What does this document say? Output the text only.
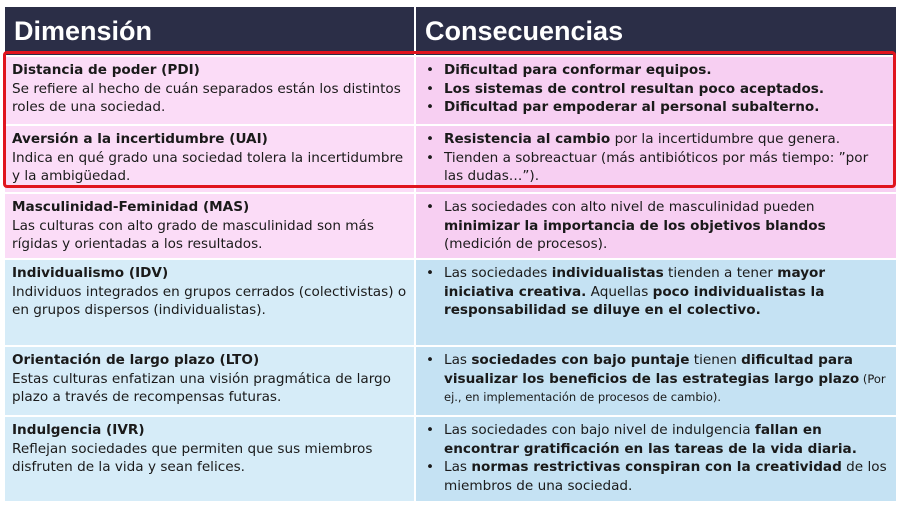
Dimensión	Consecuencias
Distancia de poder (PDI)
Se refiere al hecho de cuán separados están los distintos roles de una sociedad.
• Dificultad para conformar equipos.
• Los sistemas de control resultan poco aceptados.
• Dificultad par empoderar al personal subalterno.
Aversión a la incertidumbre (UAI)
Indica en qué grado una sociedad tolera la incertidumbre y la ambigüedad.
• Resistencia al cambio por la incertidumbre que genera.
• Tienden a sobreactuar (más antibióticos por más tiempo: ”por las dudas…”).
Masculinidad-Feminidad (MAS)
Las culturas con alto grado de masculinidad son más rígidas y orientadas a los resultados.
• Las sociedades con alto nivel de masculinidad pueden minimizar la importancia de los objetivos blandos (medición de procesos).
Individualismo (IDV)
Individuos integrados en grupos cerrados (colectivistas) o en grupos dispersos (individualistas).
• Las sociedades individualistas tienden a tener mayor iniciativa creativa. Aquellas poco individualistas la responsabilidad se diluye en el colectivo.
Orientación de largo plazo (LTO)
Estas culturas enfatizan una visión pragmática de largo plazo a través de recompensas futuras.
• Las sociedades con bajo puntaje tienen dificultad para visualizar los beneficios de las estrategias largo plazo (Por ej., en implementación de procesos de cambio).
Indulgencia (IVR)
Reflejan sociedades que permiten que sus miembros disfruten de la vida y sean felices.
• Las sociedades con bajo nivel de indulgencia fallan en encontrar gratificación en las tareas de la vida diaria.
• Las normas restrictivas conspiran con la creatividad de los miembros de una sociedad.
